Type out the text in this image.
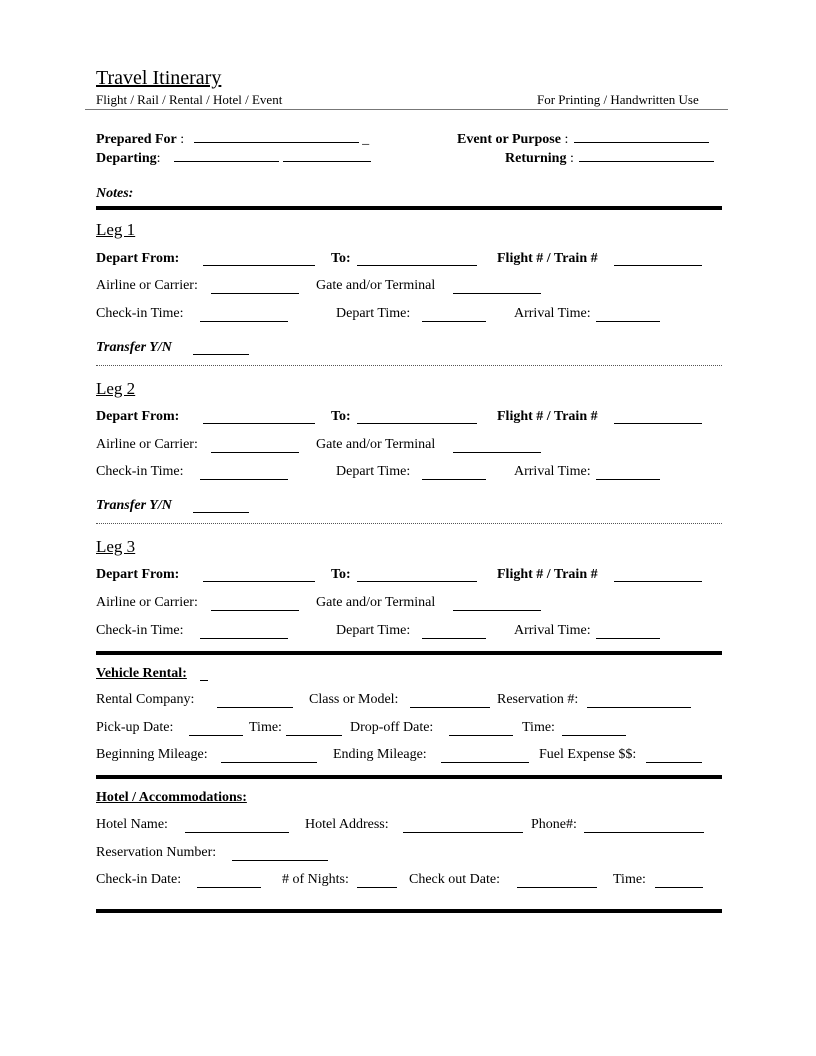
Travel Itinerary
Flight / Rail / Rental / Hotel / Event	For Printing / Handwritten Use
Prepared For :	_	Event or Purpose :
Departing:	Returning :
Notes:
Leg 1
Depart From:	To:	Flight # / Train #
Airline or Carrier:	Gate and/or Terminal
Check-in Time:	Depart Time:	Arrival Time:
Transfer Y/N
Leg 2
Depart From:	To:	Flight # / Train #
Airline or Carrier:	Gate and/or Terminal
Check-in Time:	Depart Time:	Arrival Time:
Transfer Y/N
Leg 3
Depart From:	To:	Flight # / Train #
Airline or Carrier:	Gate and/or Terminal
Check-in Time:	Depart Time:	Arrival Time:
Vehicle Rental:
Rental Company:	Class or Model:	Reservation #:
Pick-up Date:	Time:	Drop-off Date:	Time:
Beginning Mileage:	Ending Mileage:	Fuel Expense $$:
Hotel / Accommodations:
Hotel Name:	Hotel Address:	Phone#:
Reservation Number:
Check-in Date:	# of Nights:	Check out Date:	Time:
